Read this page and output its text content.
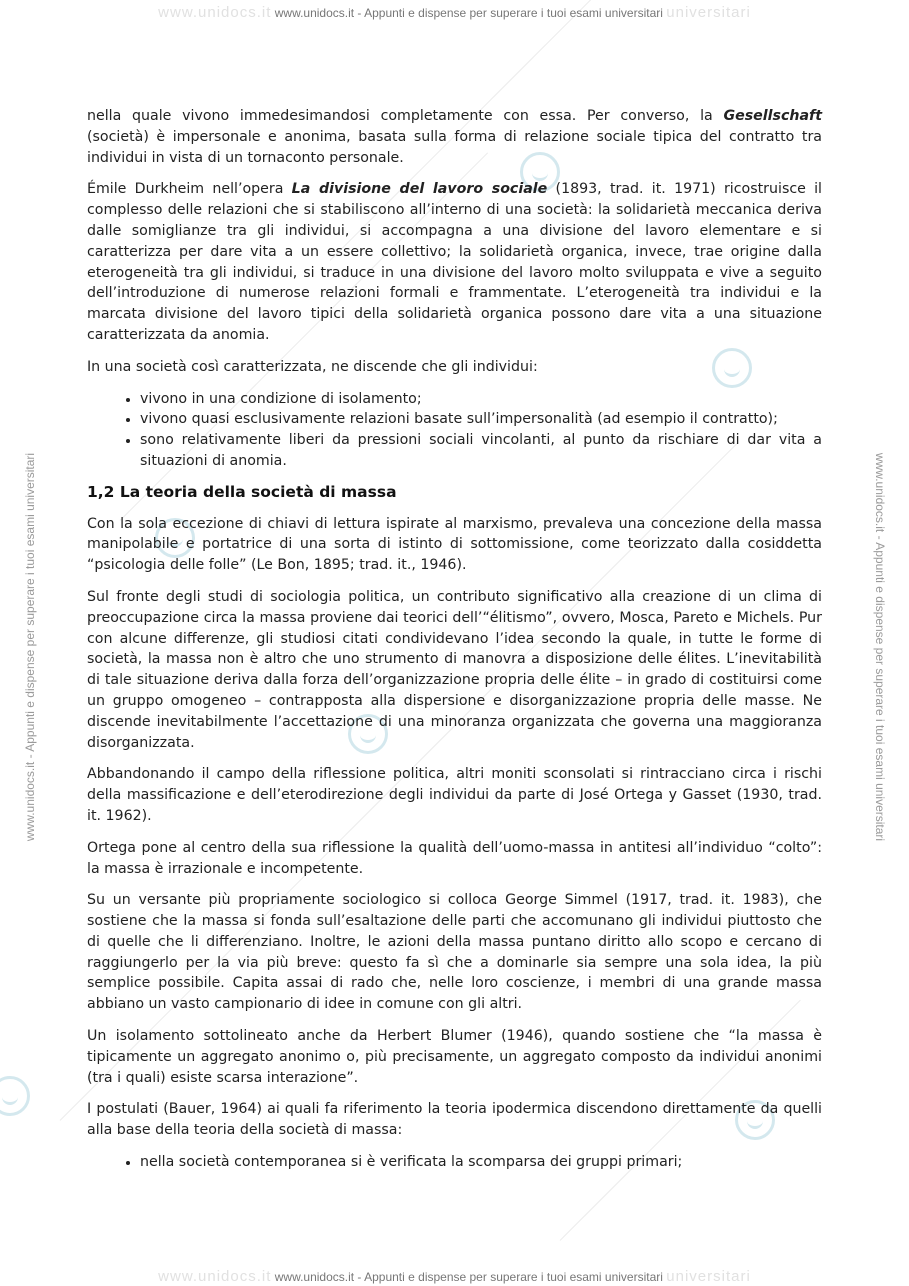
www.unidocs.it www.unidocs.it - Appunti e dispense per superare i tuoi esami universitari universitari
www.unidocs.it - Appunti e dispense per superare i tuoi esami universitari	www.unidocs.it - Appunti e dispense per superare i tuoi esami universitari

nella quale vivono immedesimandosi completamente con essa. Per converso, la Gesellschaft (società) è impersonale e anonima, basata sulla forma di relazione sociale tipica del contratto tra individui in vista di un tornaconto personale.

Émile Durkheim nell’opera La divisione del lavoro sociale (1893, trad. it. 1971) ricostruisce il complesso delle relazioni che si stabiliscono all’interno di una società: la solidarietà meccanica deriva dalle somiglianze tra gli individui, si accompagna a una divisione del lavoro elementare e si caratterizza per dare vita a un essere collettivo; la solidarietà organica, invece, trae origine dalla eterogeneità tra gli individui, si traduce in una divisione del lavoro molto sviluppata e vive a seguito dell’introduzione di numerose relazioni formali e frammentate. L’eterogeneità tra individui e la marcata divisione del lavoro tipici della solidarietà organica possono dare vita a una situazione caratterizzata da anomia.

In una società così caratterizzata, ne discende che gli individui:

• vivono in una condizione di isolamento;
• vivono quasi esclusivamente relazioni basate sull’impersonalità (ad esempio il contratto);
• sono relativamente liberi da pressioni sociali vincolanti, al punto da rischiare di dar vita a situazioni di anomia.
1,2 La teoria della società di massa

Con la sola eccezione di chiavi di lettura ispirate al marxismo, prevaleva una concezione della massa manipolabile e portatrice di una sorta di istinto di sottomissione, come teorizzato dalla cosiddetta “psicologia delle folle” (Le Bon, 1895; trad. it., 1946).

Sul fronte degli studi di sociologia politica, un contributo significativo alla creazione di un clima di preoccupazione circa la massa proviene dai teorici dell’“élitismo”, ovvero, Mosca, Pareto e Michels. Pur con alcune differenze, gli studiosi citati condividevano l’idea secondo la quale, in tutte le forme di società, la massa non è altro che uno strumento di manovra a disposizione delle élites. L’inevitabilità di tale situazione deriva dalla forza dell’organizzazione propria delle élite – in grado di costituirsi come un gruppo omogeneo – contrapposta alla dispersione e disorganizzazione propria delle masse. Ne discende inevitabilmente l’accettazione di una minoranza organizzata che governa una maggioranza disorganizzata.

Abbandonando il campo della riflessione politica, altri moniti sconsolati si rintracciano circa i rischi della massificazione e dell’eterodirezione degli individui da parte di José Ortega y Gasset (1930, trad. it. 1962).

Ortega pone al centro della sua riflessione la qualità dell’uomo-massa in antitesi all’individuo “colto”: la massa è irrazionale e incompetente.

Su un versante più propriamente sociologico si colloca George Simmel (1917, trad. it. 1983), che sostiene che la massa si fonda sull’esaltazione delle parti che accomunano gli individui piuttosto che di quelle che li differenziano. Inoltre, le azioni della massa puntano diritto allo scopo e cercano di raggiungerlo per la via più breve: questo fa sì che a dominarle sia sempre una sola idea, la più semplice possibile. Capita assai di rado che, nelle loro coscienze, i membri di una grande massa abbiano un vasto campionario di idee in comune con gli altri.

Un isolamento sottolineato anche da Herbert Blumer (1946), quando sostiene che “la massa è tipicamente un aggregato anonimo o, più precisamente, un aggregato composto da individui anonimi (tra i quali) esiste scarsa interazione”.

I postulati (Bauer, 1964) ai quali fa riferimento la teoria ipodermica discendono direttamente da quelli alla base della teoria della società di massa:

• nella società contemporanea si è verificata la scomparsa dei gruppi primari;
www.unidocs.it www.unidocs.it - Appunti e dispense per superare i tuoi esami universitari universitari
